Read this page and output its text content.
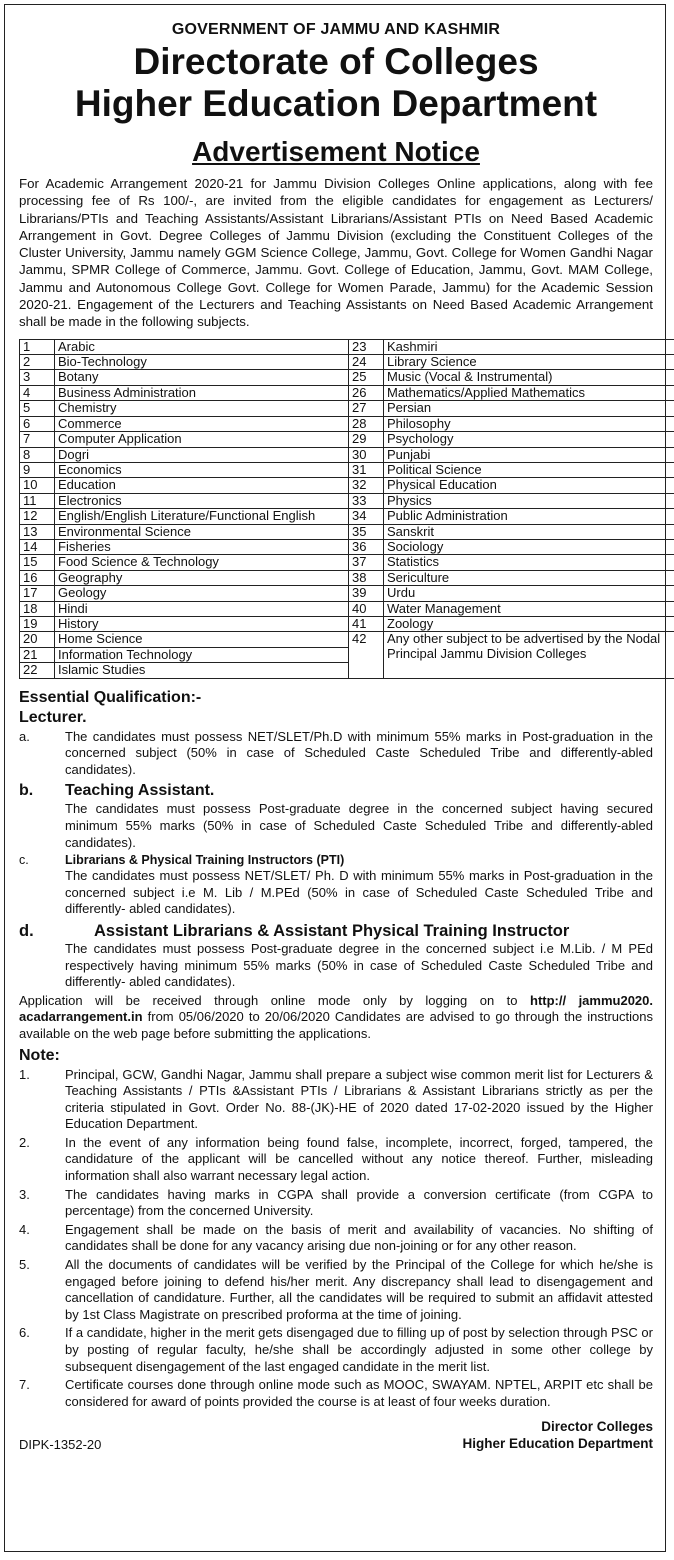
GOVERNMENT OF JAMMU AND KASHMIR
Directorate of Colleges
Higher Education Department
Advertisement Notice
For Academic Arrangement 2020-21 for Jammu Division Colleges Online applications, along with fee processing fee of Rs 100/-, are invited from the eligible candidates for engagement as Lecturers/ Librarians/PTIs and Teaching Assistants/Assistant Librarians/Assistant PTIs on Need Based Academic Arrangement in Govt. Degree Colleges of Jammu Division (excluding the Constituent Colleges of the Cluster University, Jammu namely GGM Science College, Jammu, Govt. College for Women Gandhi Nagar Jammu, SPMR College of Commerce, Jammu. Govt. College of Education, Jammu, Govt. MAM College, Jammu and Autonomous College Govt. College for Women Parade, Jammu) for the Academic Session 2020-21. Engagement of the Lecturers and Teaching Assistants on Need Based Academic Arrangement shall be made in the following subjects.
1	Arabic	23	Kashmiri
2	Bio-Technology	24	Library Science
3	Botany	25	Music (Vocal & Instrumental)
4	Business Administration	26	Mathematics/Applied Mathematics
5	Chemistry	27	Persian
6	Commerce	28	Philosophy
7	Computer Application	29	Psychology
8	Dogri	30	Punjabi
9	Economics	31	Political Science
10	Education	32	Physical Education
11	Electronics	33	Physics
12	English/English Literature/Functional English	34	Public Administration
13	Environmental Science	35	Sanskrit
14	Fisheries	36	Sociology
15	Food Science & Technology	37	Statistics
16	Geography	38	Sericulture
17	Geology	39	Urdu
18	Hindi	40	Water Management
19	History	41	Zoology
20	Home Science	42	Any other subject to be advertised by the Nodal Principal Jammu Division Colleges
21	Information Technology		
22	Islamic Studies		
Essential Qualification:-
Lecturer.
a.	The candidates must possess NET/SLET/Ph.D with minimum 55% marks in Post-graduation in the concerned subject (50% in case of Scheduled Caste Scheduled Tribe and differently-abled candidates).
b.	Teaching Assistant.
The candidates must possess Post-graduate degree in the concerned subject having secured minimum 55% marks (50% in case of Scheduled Caste Scheduled Tribe and differently-abled candidates).
c.	Librarians & Physical Training Instructors (PTI)
The candidates must possess NET/SLET/ Ph. D with minimum 55% marks in Post-graduation in the concerned subject i.e M. Lib / M.PEd (50% in case of Scheduled Caste Scheduled Tribe and differently- abled candidates).
d.	Assistant Librarians & Assistant Physical Training Instructor
The candidates must possess Post-graduate degree in the concerned subject i.e M.Lib. / M PEd respectively having minimum 55% marks (50% in case of Scheduled Caste Scheduled Tribe and differently- abled candidates).
Application will be received through online mode only by logging on to http:// jammu2020. acadarrangement.in from 05/06/2020 to 20/06/2020 Candidates are advised to go through the instructions available on the web page before submitting the applications.
Note:
1.	Principal, GCW, Gandhi Nagar, Jammu shall prepare a subject wise common merit list for Lecturers & Teaching Assistants / PTIs &Assistant PTIs / Librarians & Assistant Librarians strictly as per the criteria stipulated in Govt. Order No. 88-(JK)-HE of 2020 dated 17-02-2020 issued by the Higher Education Department.
2.	In the event of any information being found false, incomplete, incorrect, forged, tampered, the candidature of the applicant will be cancelled without any notice thereof. Further, misleading information shall also warrant necessary legal action.
3.	The candidates having marks in CGPA shall provide a conversion certificate (from CGPA to percentage) from the concerned University.
4.	Engagement shall be made on the basis of merit and availability of vacancies. No shifting of candidates shall be done for any vacancy arising due non-joining or for any other reason.
5.	All the documents of candidates will be verified by the Principal of the College for which he/she is engaged before joining to defend his/her merit. Any discrepancy shall lead to disengagement and cancellation of candidature. Further, all the candidates will be required to submit an affidavit attested by 1st Class Magistrate on prescribed proforma at the time of joining.
6.	If a candidate, higher in the merit gets disengaged due to filling up of post by selection through PSC or by posting of regular faculty, he/she shall be accordingly adjusted in some other college by subsequent disengagement of the last engaged candidate in the merit list.
7.	Certificate courses done through online mode such as MOOC, SWAYAM. NPTEL, ARPIT etc shall be considered for award of points provided the course is at least of four weeks duration.
Director Colleges
Higher Education Department
DIPK-1352-20
